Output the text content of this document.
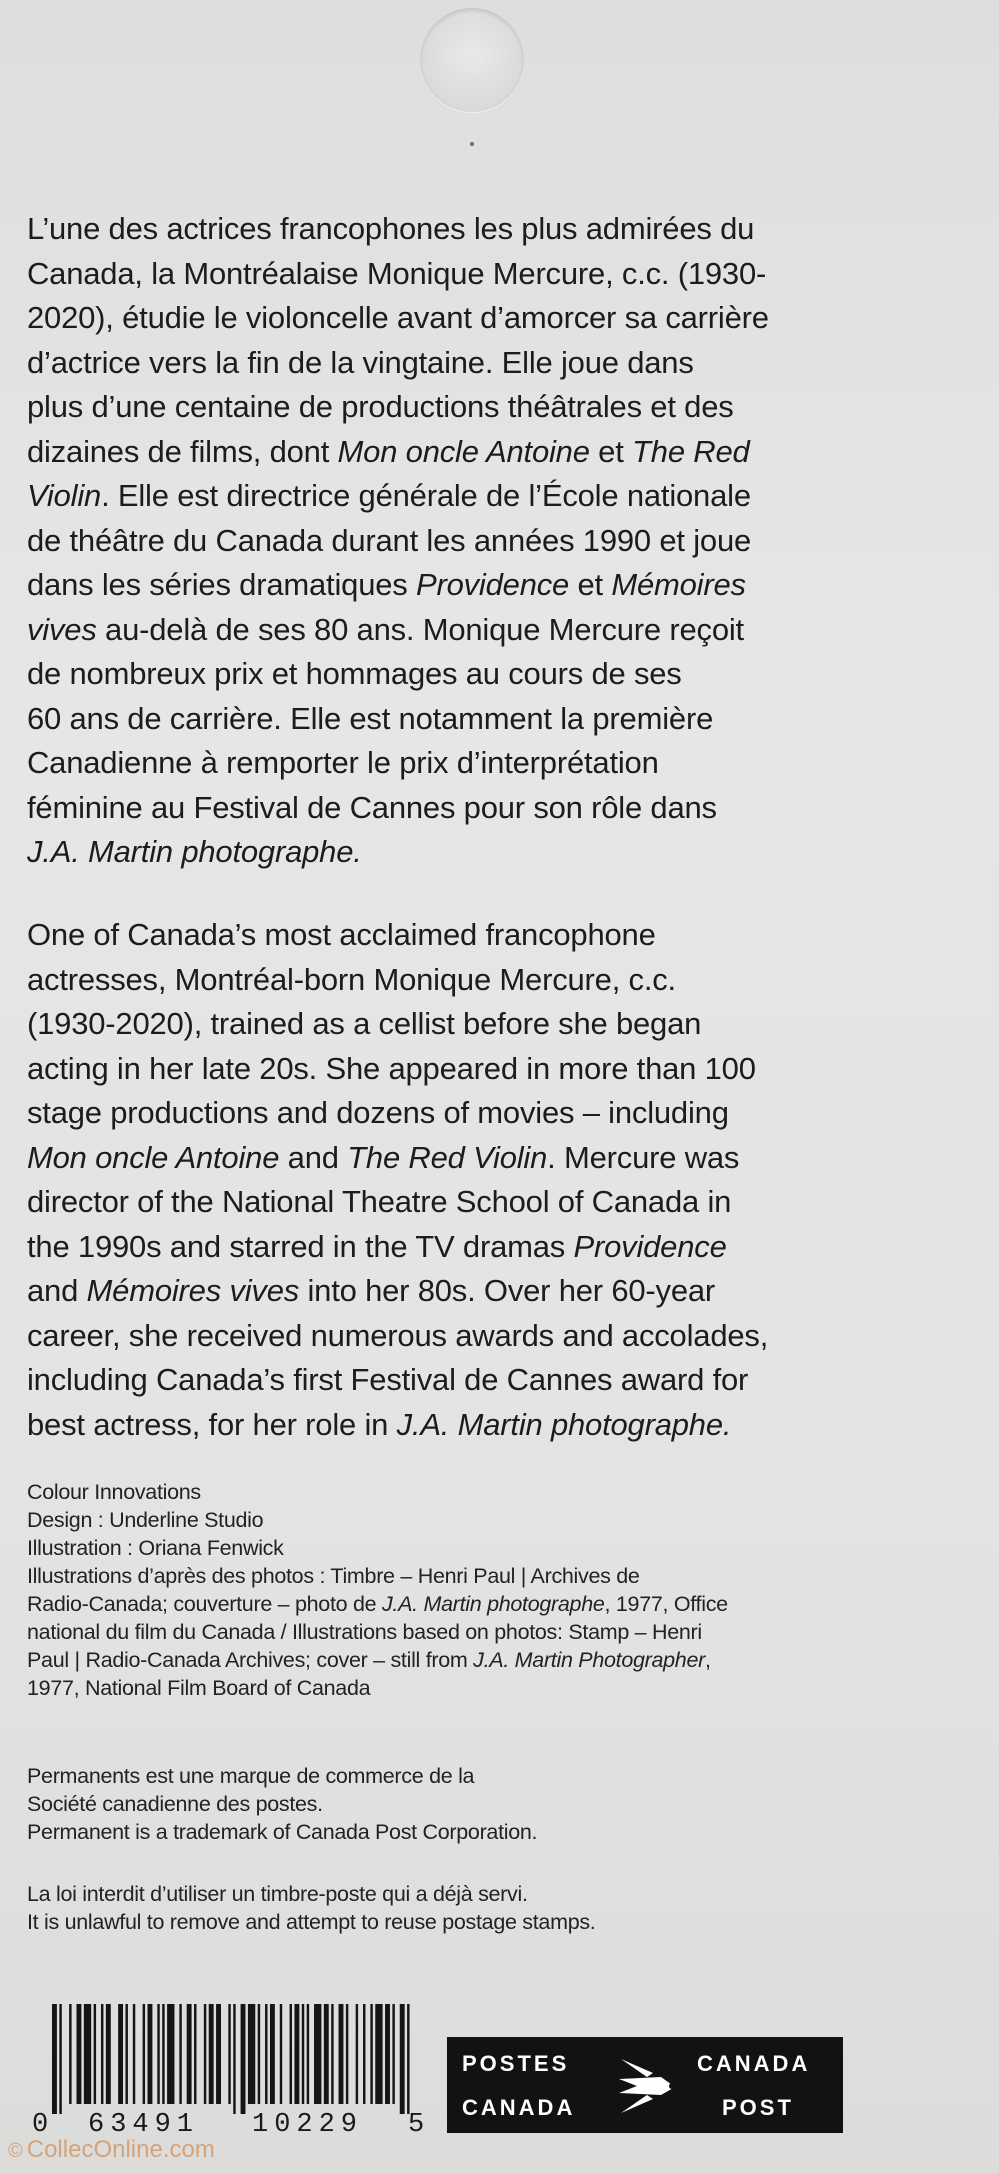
L’une des actrices francophones les plus admirées du
Canada, la Montréalaise Monique Mercure, c.c. (1930-
2020), étudie le violoncelle avant d’amorcer sa carrière
d’actrice vers la fin de la vingtaine. Elle joue dans
plus d’une centaine de productions théâtrales et des
dizaines de films, dont Mon oncle Antoine et The Red
Violin. Elle est directrice générale de l’École nationale
de théâtre du Canada durant les années 1990 et joue
dans les séries dramatiques Providence et Mémoires
vives au-delà de ses 80 ans. Monique Mercure reçoit
de nombreux prix et hommages au cours de ses
60 ans de carrière. Elle est notamment la première
Canadienne à remporter le prix d’interprétation
féminine au Festival de Cannes pour son rôle dans
J.A. Martin photographe.
One of Canada’s most acclaimed francophone
actresses, Montréal-born Monique Mercure, c.c.
(1930-2020), trained as a cellist before she began
acting in her late 20s. She appeared in more than 100
stage productions and dozens of movies – including
Mon oncle Antoine and The Red Violin. Mercure was
director of the National Theatre School of Canada in
the 1990s and starred in the TV dramas Providence
and Mémoires vives into her 80s. Over her 60-year
career, she received numerous awards and accolades,
including Canada’s first Festival de Cannes award for
best actress, for her role in J.A. Martin photographe.
Colour Innovations
Design : Underline Studio
Illustration : Oriana Fenwick
Illustrations d’après des photos : Timbre – Henri Paul | Archives de
Radio-Canada; couverture – photo de J.A. Martin photographe, 1977, Office
national du film du Canada / Illustrations based on photos: Stamp – Henri
Paul | Radio-Canada Archives; cover – still from J.A. Martin Photographer,
1977, National Film Board of Canada
Permanents est une marque de commerce de la
Société canadienne des postes.
Permanent is a trademark of Canada Post Corporation.
La loi interdit d’utiliser un timbre-poste qui a déjà servi.
It is unlawful to remove and attempt to reuse postage stamps.
0 63491 10229 5
POSTES
CANADA
CANADA
POST
© CollecOnline.com
